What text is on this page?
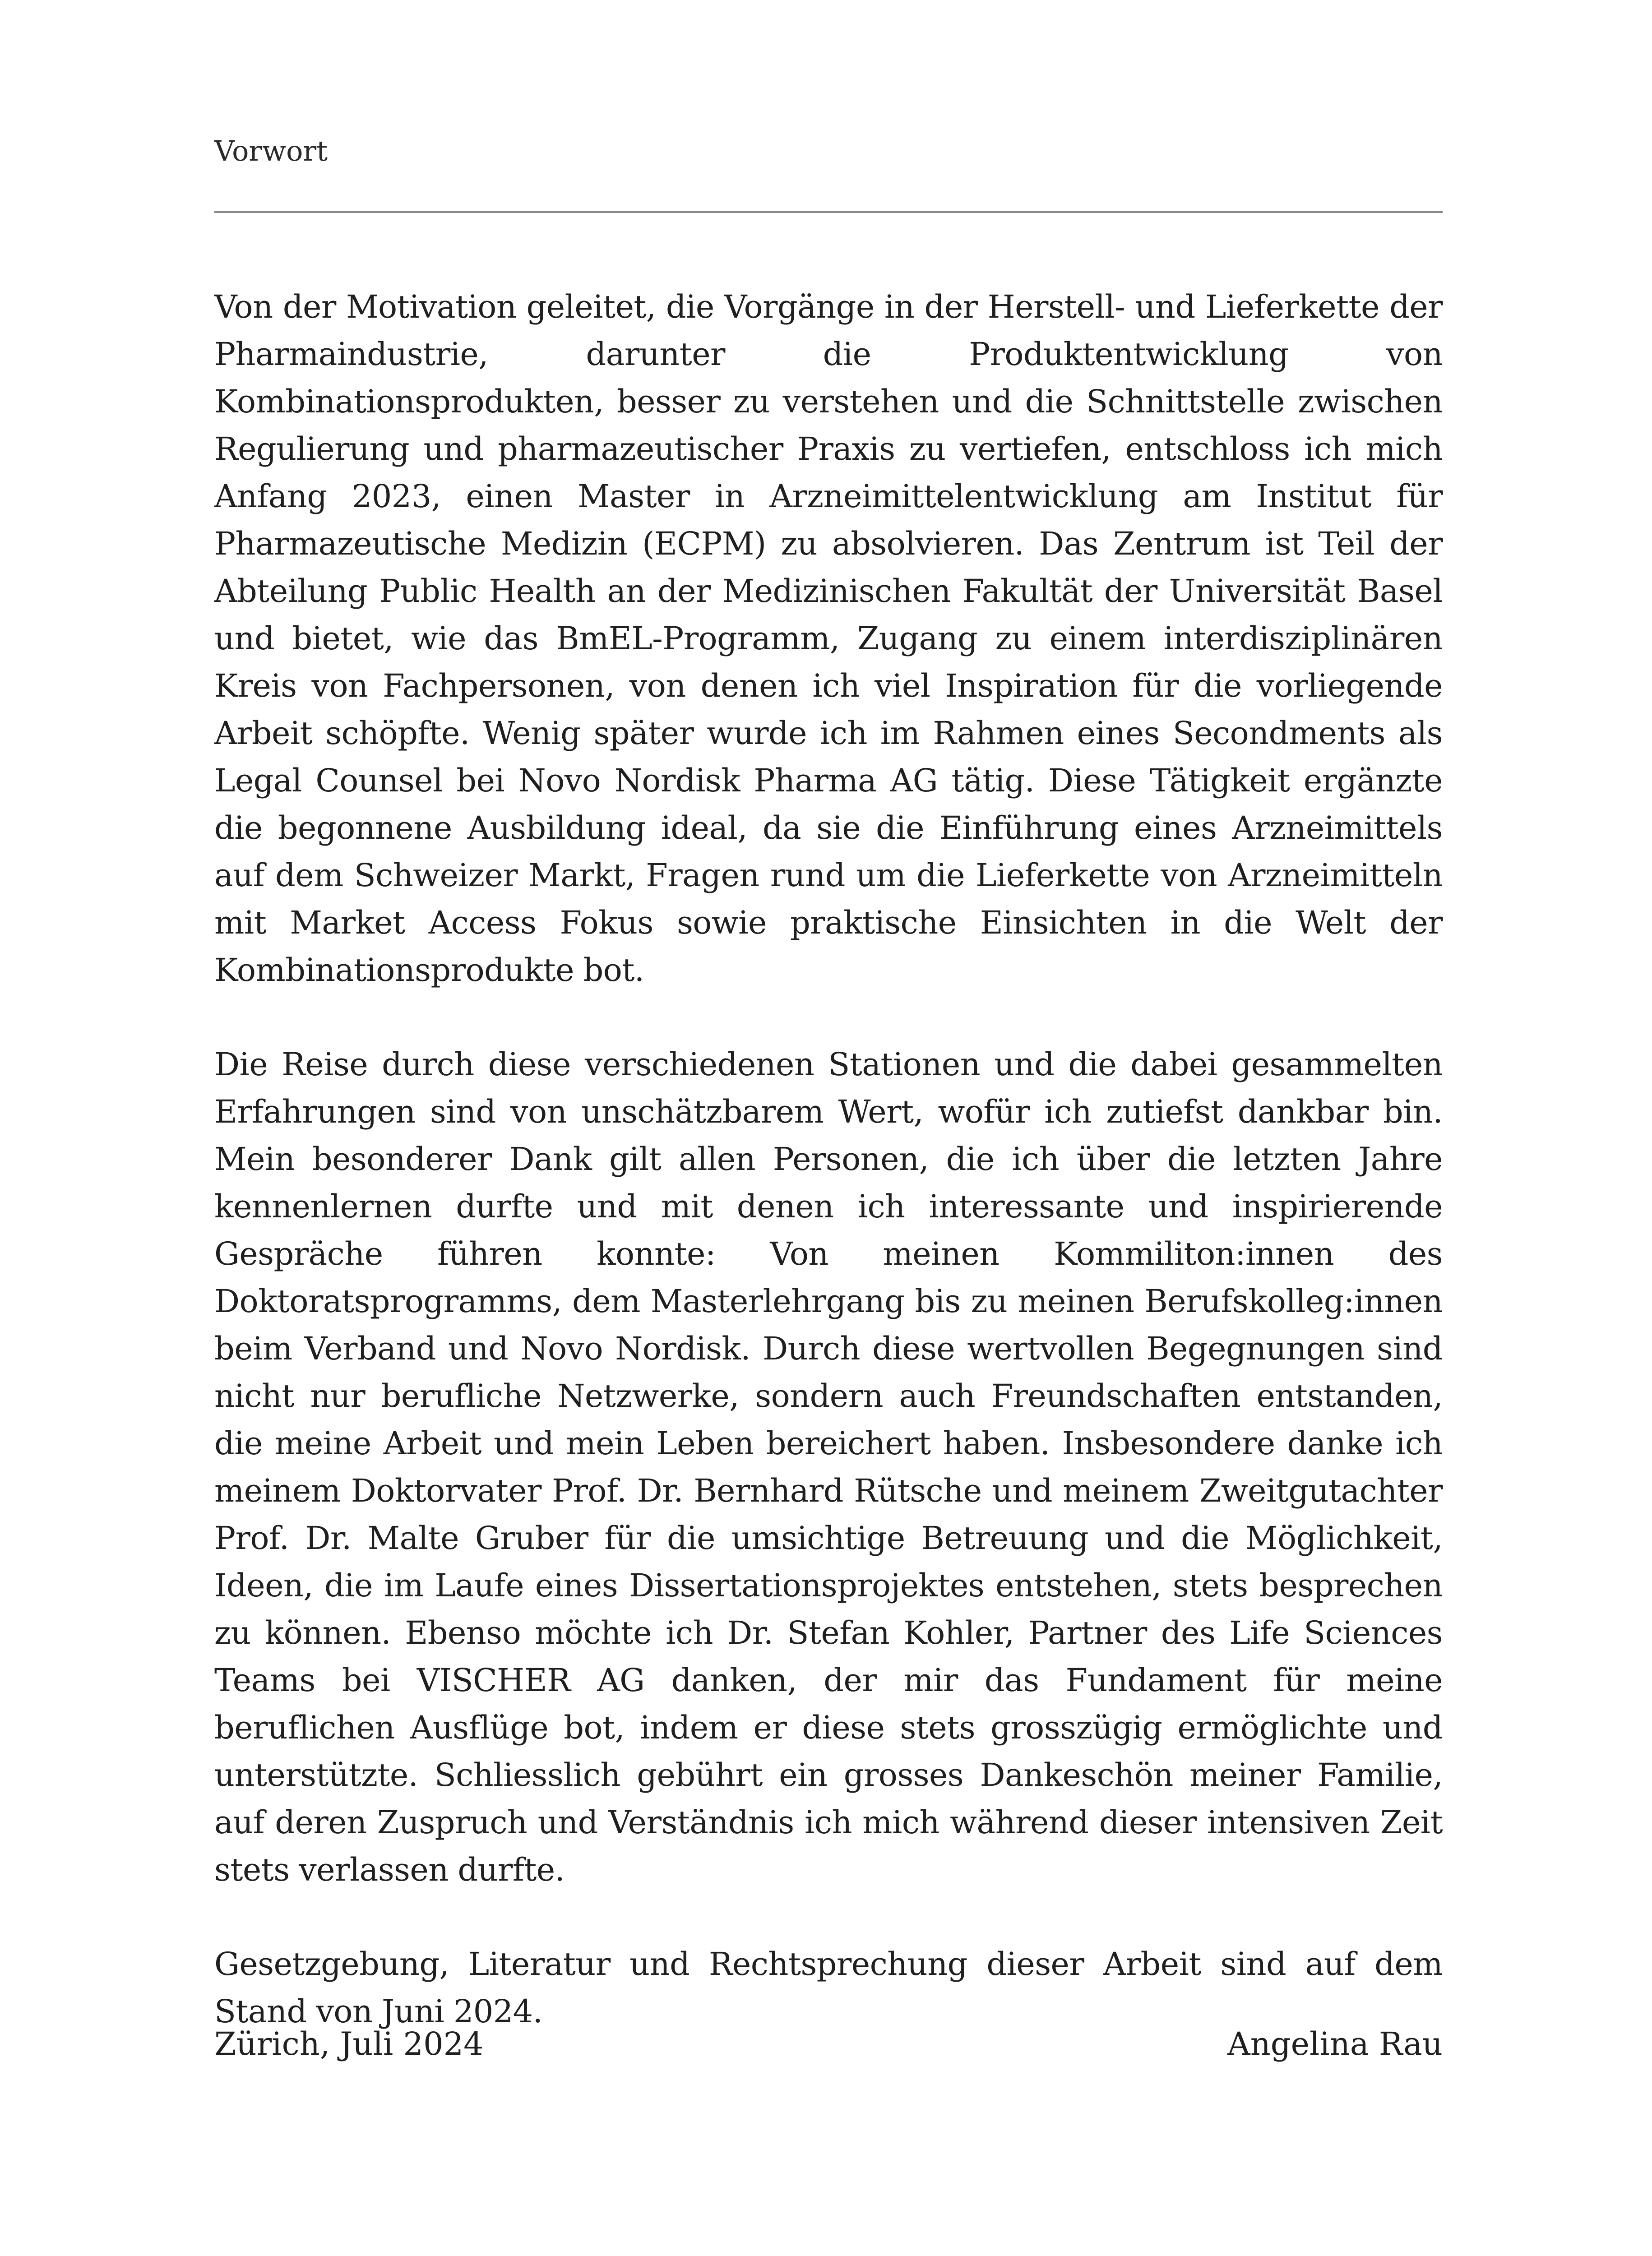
Vorwort

Von der Motivation geleitet, die Vorgänge in der Herstell- und Lieferkette der Pharmaindustrie, darunter die Produktentwicklung von Kombinationsprodukten, besser zu verstehen und die Schnittstelle zwischen Regulierung und pharmazeutischer Praxis zu vertiefen, entschloss ich mich Anfang 2023, einen Master in Arzneimittelentwicklung am Institut für Pharmazeutische Medizin (ECPM) zu absolvieren. Das Zentrum ist Teil der Abteilung Public Health an der Medizinischen Fakultät der Universität Basel und bietet, wie das BmEL-Programm, Zugang zu einem interdisziplinären Kreis von Fachpersonen, von denen ich viel Inspiration für die vorliegende Arbeit schöpfte. Wenig später wurde ich im Rahmen eines Secondments als Legal Counsel bei Novo Nordisk Pharma AG tätig. Diese Tätigkeit ergänzte die begonnene Ausbildung ideal, da sie die Einführung eines Arzneimittels auf dem Schweizer Markt, Fragen rund um die Lieferkette von Arzneimitteln mit Market Access Fokus sowie praktische Einsichten in die Welt der Kombinationsprodukte bot.

Die Reise durch diese verschiedenen Stationen und die dabei gesammelten Erfahrungen sind von unschätzbarem Wert, wofür ich zutiefst dankbar bin. Mein besonderer Dank gilt allen Personen, die ich über die letzten Jahre kennenlernen durfte und mit denen ich interessante und inspirierende Gespräche führen konnte: Von meinen Kommiliton:innen des Doktoratsprogramms, dem Masterlehrgang bis zu meinen Berufskolleg:innen beim Verband und Novo Nordisk. Durch diese wertvollen Begegnungen sind nicht nur berufliche Netzwerke, sondern auch Freundschaften entstanden, die meine Arbeit und mein Leben bereichert haben. Insbesondere danke ich meinem Doktorvater Prof. Dr. Bernhard Rütsche und meinem Zweitgutachter Prof. Dr. Malte Gruber für die umsichtige Betreuung und die Möglichkeit, Ideen, die im Laufe eines Dissertationsprojektes entstehen, stets besprechen zu können. Ebenso möchte ich Dr. Stefan Kohler, Partner des Life Sciences Teams bei VISCHER AG danken, der mir das Fundament für meine beruflichen Ausflüge bot, indem er diese stets grosszügig ermöglichte und unterstützte. Schliesslich gebührt ein grosses Dankeschön meiner Familie, auf deren Zuspruch und Verständnis ich mich während dieser intensiven Zeit stets verlassen durfte.

Gesetzgebung, Literatur und Rechtsprechung dieser Arbeit sind auf dem Stand von Juni 2024.

Zürich, Juli 2024	Angelina Rau
